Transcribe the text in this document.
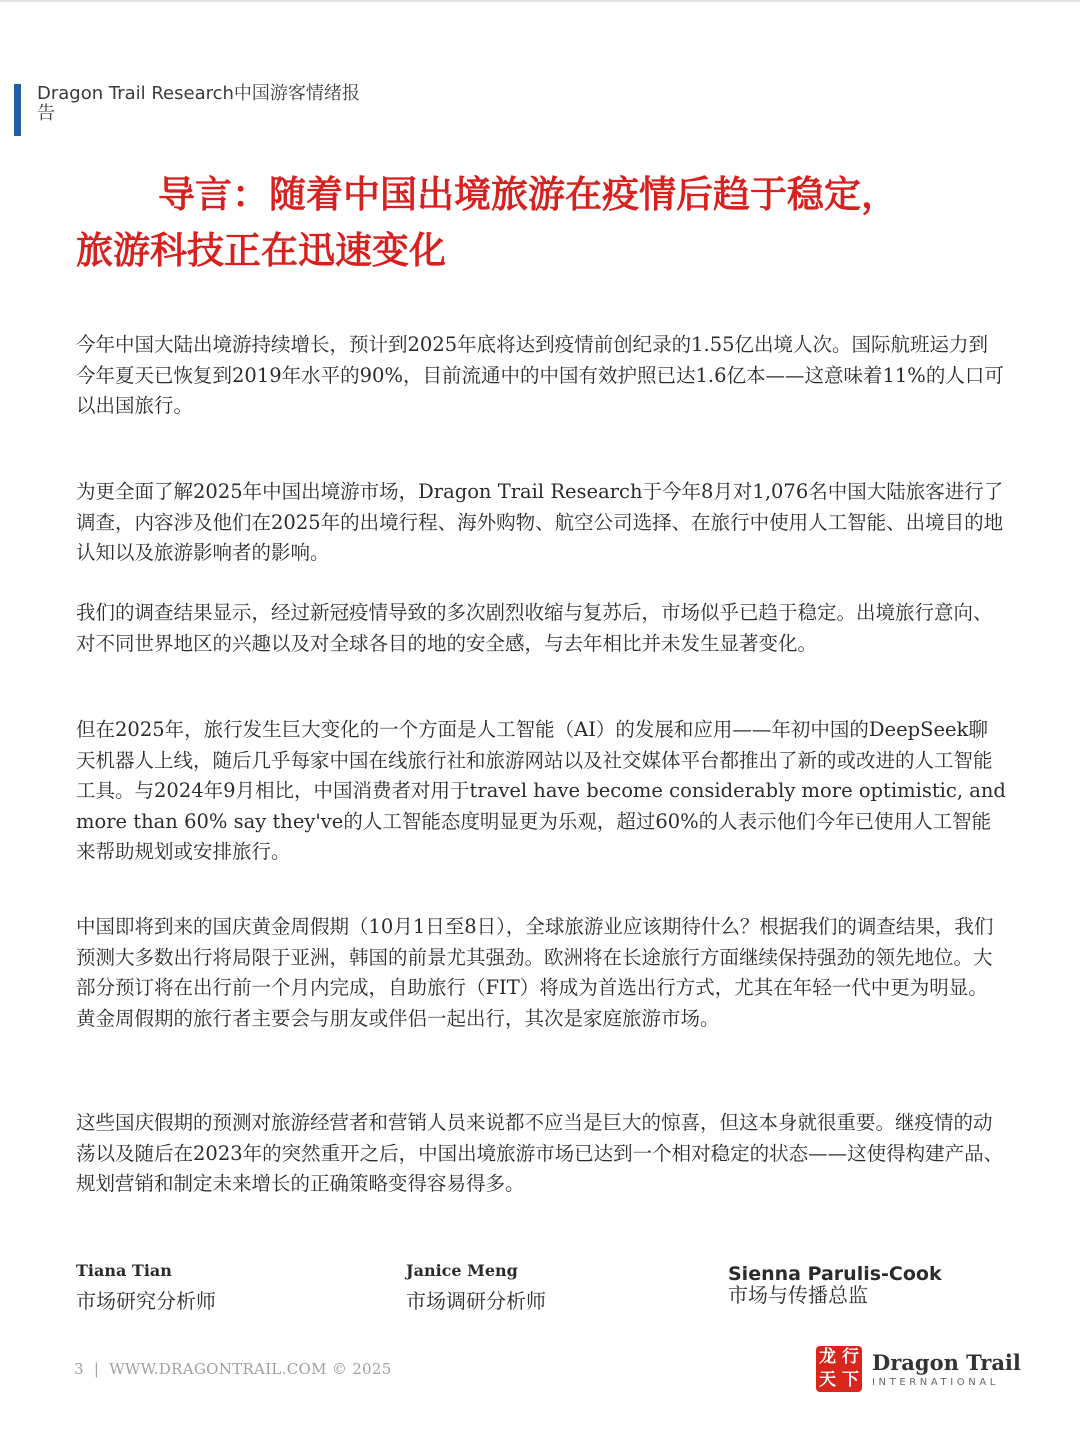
Dragon Trail Research中国游客情绪报告
导言：随着中国出境旅游在疫情后趋于稳定，
旅游科技正在迅速变化

今年中国大陆出境游持续增长，预计到2025年底将达到疫情前创纪录的1.55亿出境人次。国际航班运力到今年夏天已恢复到2019年水平的90%，目前流通中的中国有效护照已达1.6亿本——这意味着11%的人口可以出国旅行。

为更全面了解2025年中国出境游市场，Dragon Trail Research于今年8月对1,076名中国大陆旅客进行了调查，内容涉及他们在2025年的出境行程、海外购物、航空公司选择、在旅行中使用人工智能、出境目的地认知以及旅游影响者的影响。

我们的调查结果显示，经过新冠疫情导致的多次剧烈收缩与复苏后，市场似乎已趋于稳定。出境旅行意向、对不同世界地区的兴趣以及对全球各目的地的安全感，与去年相比并未发生显著变化。

但在2025年，旅行发生巨大变化的一个方面是人工智能（AI）的发展和应用——年初中国的DeepSeek聊天机器人上线，随后几乎每家中国在线旅行社和旅游网站以及社交媒体平台都推出了新的或改进的人工智能工具。与2024年9月相比，中国消费者对用于travel have become considerably more optimistic, and more than 60% say they've的人工智能态度明显更为乐观，超过60%的人表示他们今年已使用人工智能来帮助规划或安排旅行。

中国即将到来的国庆黄金周假期（10月1日至8日），全球旅游业应该期待什么？根据我们的调查结果，我们预测大多数出行将局限于亚洲，韩国的前景尤其强劲。欧洲将在长途旅行方面继续保持强劲的领先地位。大部分预订将在出行前一个月内完成，自助旅行（FIT）将成为首选出行方式，尤其在年轻一代中更为明显。黄金周假期的旅行者主要会与朋友或伴侣一起出行，其次是家庭旅游市场。

这些国庆假期的预测对旅游经营者和营销人员来说都不应当是巨大的惊喜，但这本身就很重要。继疫情的动荡以及随后在2023年的突然重开之后，中国出境旅游市场已达到一个相对稳定的状态——这使得构建产品、规划营销和制定未来增长的正确策略变得容易得多。

Tiana Tian
市场研究分析师
Janice Meng
市场调研分析师
Sienna Parulis-Cook
市场与传播总监
3 | WWW.DRAGONTRAIL.COM © 2025
龙 行
天 下
Dragon Trail
INTERNATIONAL
